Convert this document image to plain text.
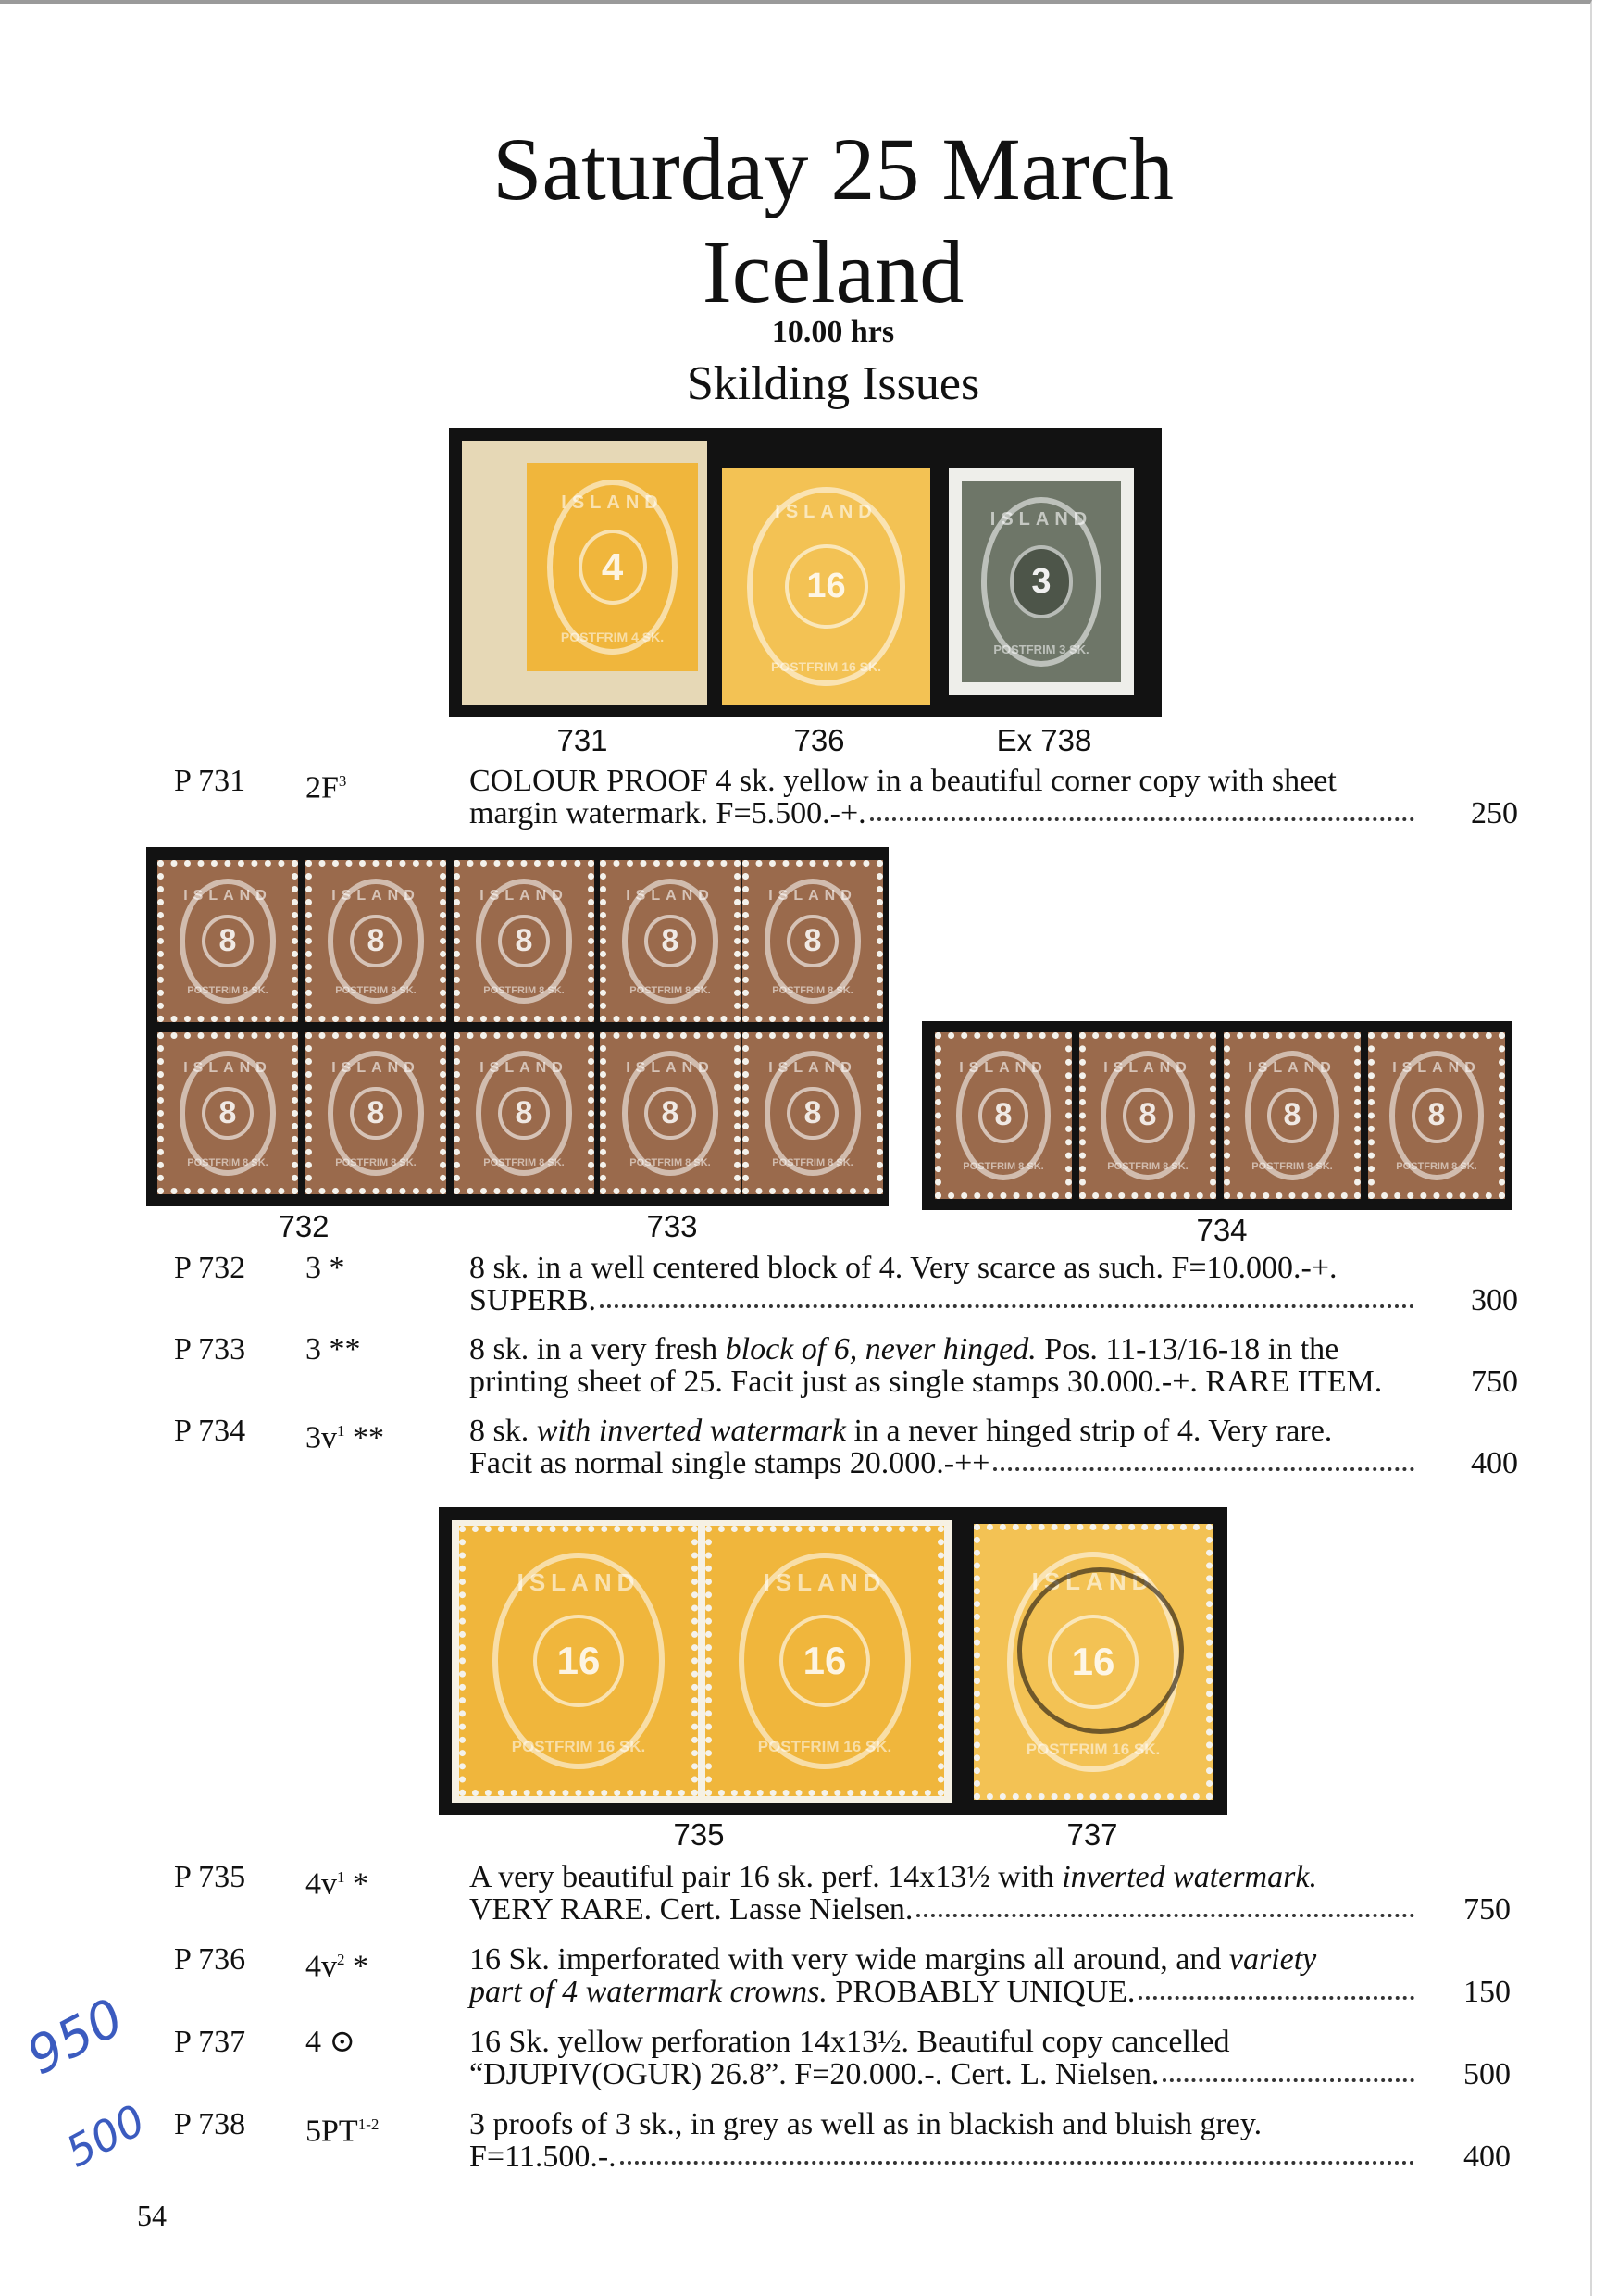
Saturday 25 March
Iceland
10.00 hrs
Skilding Issues
ISLAND
4
POSTFRIM 4 SK.
ISLAND
16
POSTFRIM 16 SK.
ISLAND
3
POSTFRIM 3 SK.
731	736	Ex 738
P 731 $2F^3$	COLOUR PROOF 4 sk. yellow in a beautiful corner copy with sheet
margin watermark. F=5.500.-+.	250
ISLAND
8
POSTFRIM 8 SK.
ISLAND
8
POSTFRIM 8 SK.
ISLAND
8
POSTFRIM 8 SK.
ISLAND
8
POSTFRIM 8 SK.
ISLAND
8
POSTFRIM 8 SK.
ISLAND
8
POSTFRIM 8 SK.
ISLAND
8
POSTFRIM 8 SK.
ISLAND
8
POSTFRIM 8 SK.
ISLAND
8
POSTFRIM 8 SK.
ISLAND
8
POSTFRIM 8 SK.
ISLAND
8
POSTFRIM 8 SK.
ISLAND
8
POSTFRIM 8 SK.
ISLAND
8
POSTFRIM 8 SK.
ISLAND
8
POSTFRIM 8 SK.
732	733	734
P 732 3 *	8 sk. in a well centered block of 4. Very scarce as such. F=10.000.-+.
SUPERB.	300
P 733 3 **	8 sk. in a very fresh block of 6, never hinged. Pos. 11-13/16-18 in the
printing sheet of 25. Facit just as single stamps 30.000.-+. RARE ITEM.	750
P 734 $3v^1$ **	8 sk. with inverted watermark in a never hinged strip of 4. Very rare.
Facit as normal single stamps 20.000.-++	400
ISLAND
16
POSTFRIM 16 SK.
ISLAND
16
POSTFRIM 16 SK.
ISLAND
16
POSTFRIM 16 SK.
735	737
P 735 $4v^1$ *	A very beautiful pair 16 sk. perf. 14x13½ with inverted watermark.
VERY RARE. Cert. Lasse Nielsen.	750
P 736 $4v^2$ *	16 Sk. imperforated with very wide margins all around, and variety
part of 4 watermark crowns. PROBABLY UNIQUE.	150
P 737 4 ⊙	16 Sk. yellow perforation 14x13½. Beautiful copy cancelled
“DJUPIV(OGUR) 26.8”. F=20.000.-. Cert. L. Nielsen.	500
P 738 5PT$^{1-2}$	3 proofs of 3 sk., in grey as well as in blackish and bluish grey.
F=11.500.-.	400
950
500
54
